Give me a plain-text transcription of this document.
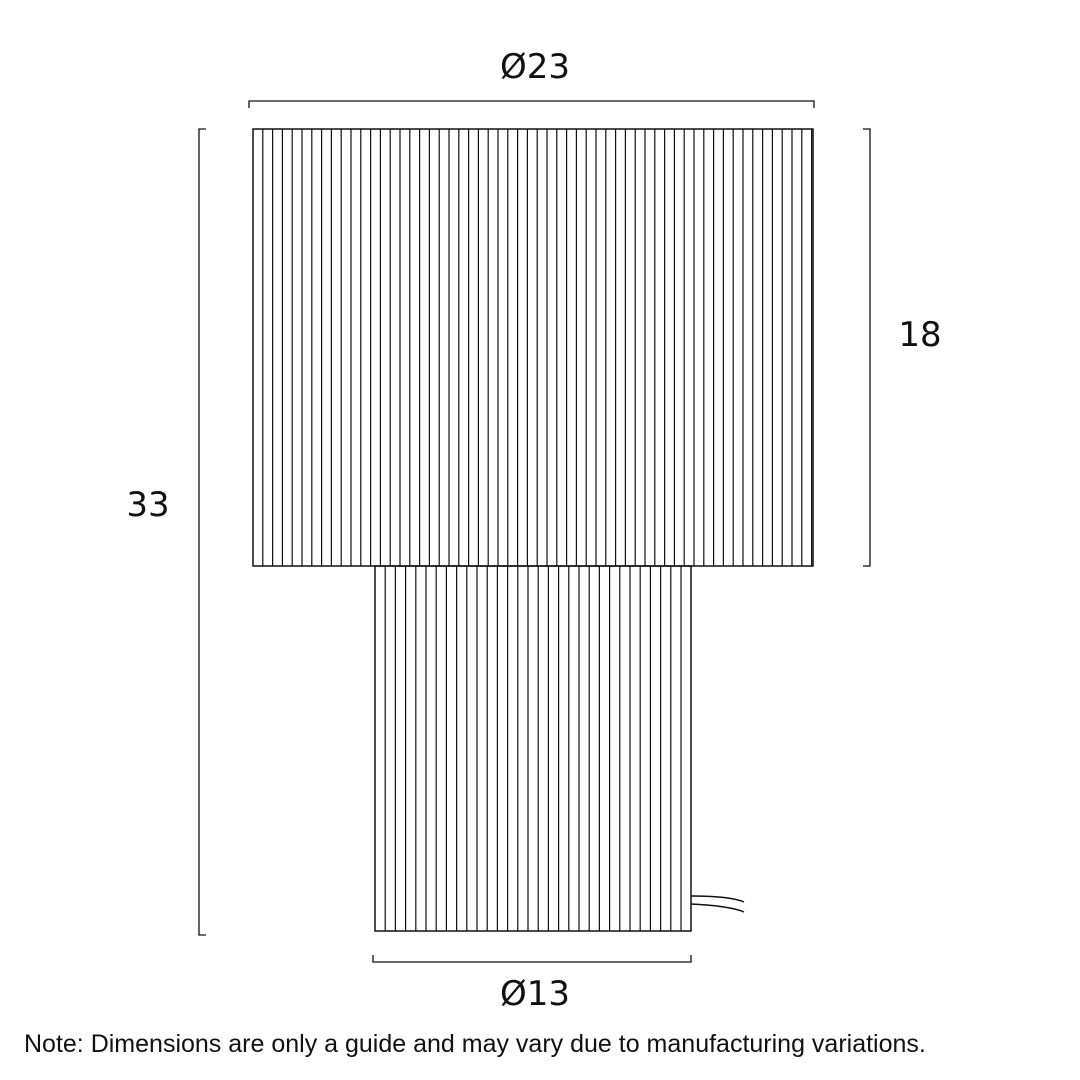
Ø23
18
33
Ø13
Note: Dimensions are only a guide and may vary due to manufacturing variations.
